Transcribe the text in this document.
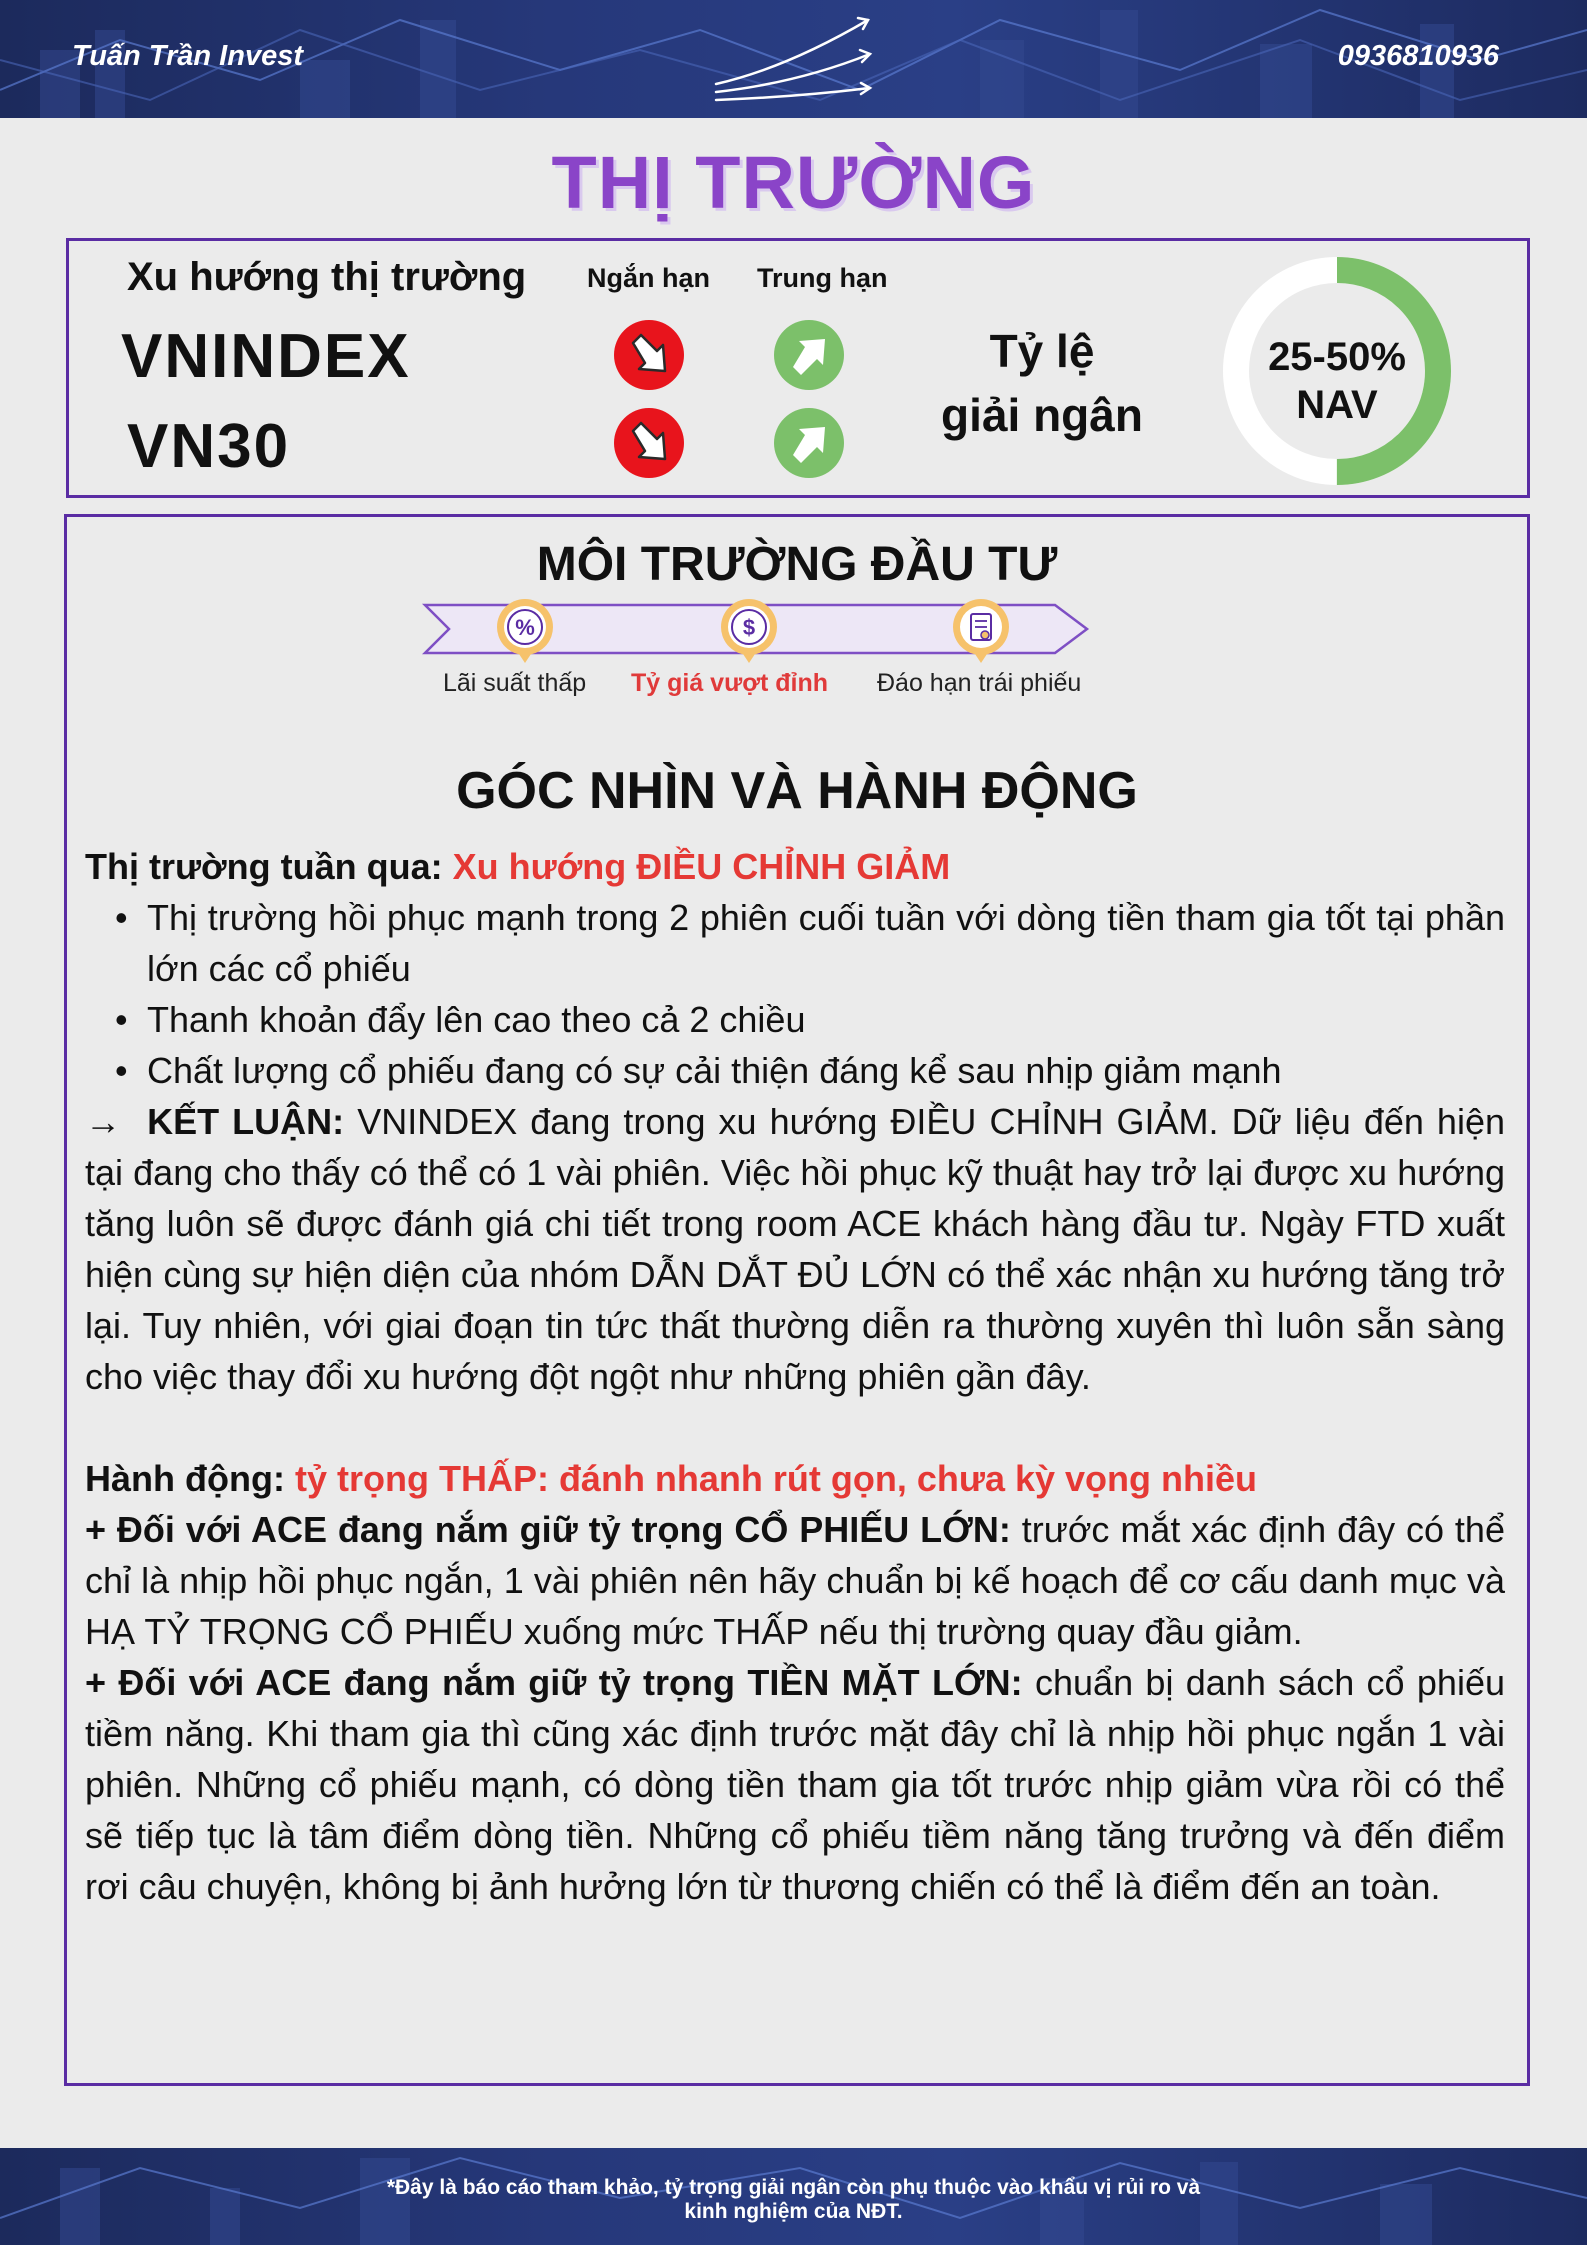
Tuấn Trần Invest	0936810936
THỊ TRƯỜNG
Xu hướng thị trường Ngắn hạn Trung hạn
VNINDEX
VN30
Tỷ lệ
giải ngân
25-50%
NAV
MÔI TRƯỜNG ĐẦU TƯ
%	$
Lãi suất thấp Tỷ giá vượt đỉnh Đáo hạn trái phiếu
GÓC NHÌN VÀ HÀNH ĐỘNG

Thị trường tuần qua: Xu hướng ĐIỀU CHỈNH GIẢM

• Thị trường hồi phục mạnh trong 2 phiên cuối tuần với dòng tiền tham gia tốt tại phần lớn các cổ phiếu
• Thanh khoản đẩy lên cao theo cả 2 chiều
• Chất lượng cổ phiếu đang có sự cải thiện đáng kể sau nhịp giảm mạnh

→ KẾT LUẬN: VNINDEX đang trong xu hướng ĐIỀU CHỈNH GIẢM. Dữ liệu đến hiện tại đang cho thấy có thể có 1 vài phiên. Việc hồi phục kỹ thuật hay trở lại được xu hướng tăng luôn sẽ được đánh giá chi tiết trong room ACE khách hàng đầu tư. Ngày FTD xuất hiện cùng sự hiện diện của nhóm DẪN DẮT ĐỦ LỚN có thể xác nhận xu hướng tăng trở lại. Tuy nhiên, với giai đoạn tin tức thất thường diễn ra thường xuyên thì luôn sẵn sàng cho việc thay đổi xu hướng đột ngột như những phiên gần đây.

Hành động: tỷ trọng THẤP: đánh nhanh rút gọn, chưa kỳ vọng nhiều

+ Đối với ACE đang nắm giữ tỷ trọng CỔ PHIẾU LỚN: trước mắt xác định đây có thể chỉ là nhịp hồi phục ngắn, 1 vài phiên nên hãy chuẩn bị kế hoạch để cơ cấu danh mục và HẠ TỶ TRỌNG CỔ PHIẾU xuống mức THẤP nếu thị trường quay đầu giảm.

+ Đối với ACE đang nắm giữ tỷ trọng TIỀN MẶT LỚN: chuẩn bị danh sách cổ phiếu tiềm năng. Khi tham gia thì cũng xác định trước mặt đây chỉ là nhịp hồi phục ngắn 1 vài phiên. Những cổ phiếu mạnh, có dòng tiền tham gia tốt trước nhịp giảm vừa rồi có thể sẽ tiếp tục là tâm điểm dòng tiền. Những cổ phiếu tiềm năng tăng trưởng và đến điểm rơi câu chuyện, không bị ảnh hưởng lớn từ thương chiến có thể là điểm đến an toàn.

*Đây là báo cáo tham khảo, tỷ trọng giải ngân còn phụ thuộc vào khẩu vị rủi ro và
kinh nghiệm của NĐT.
